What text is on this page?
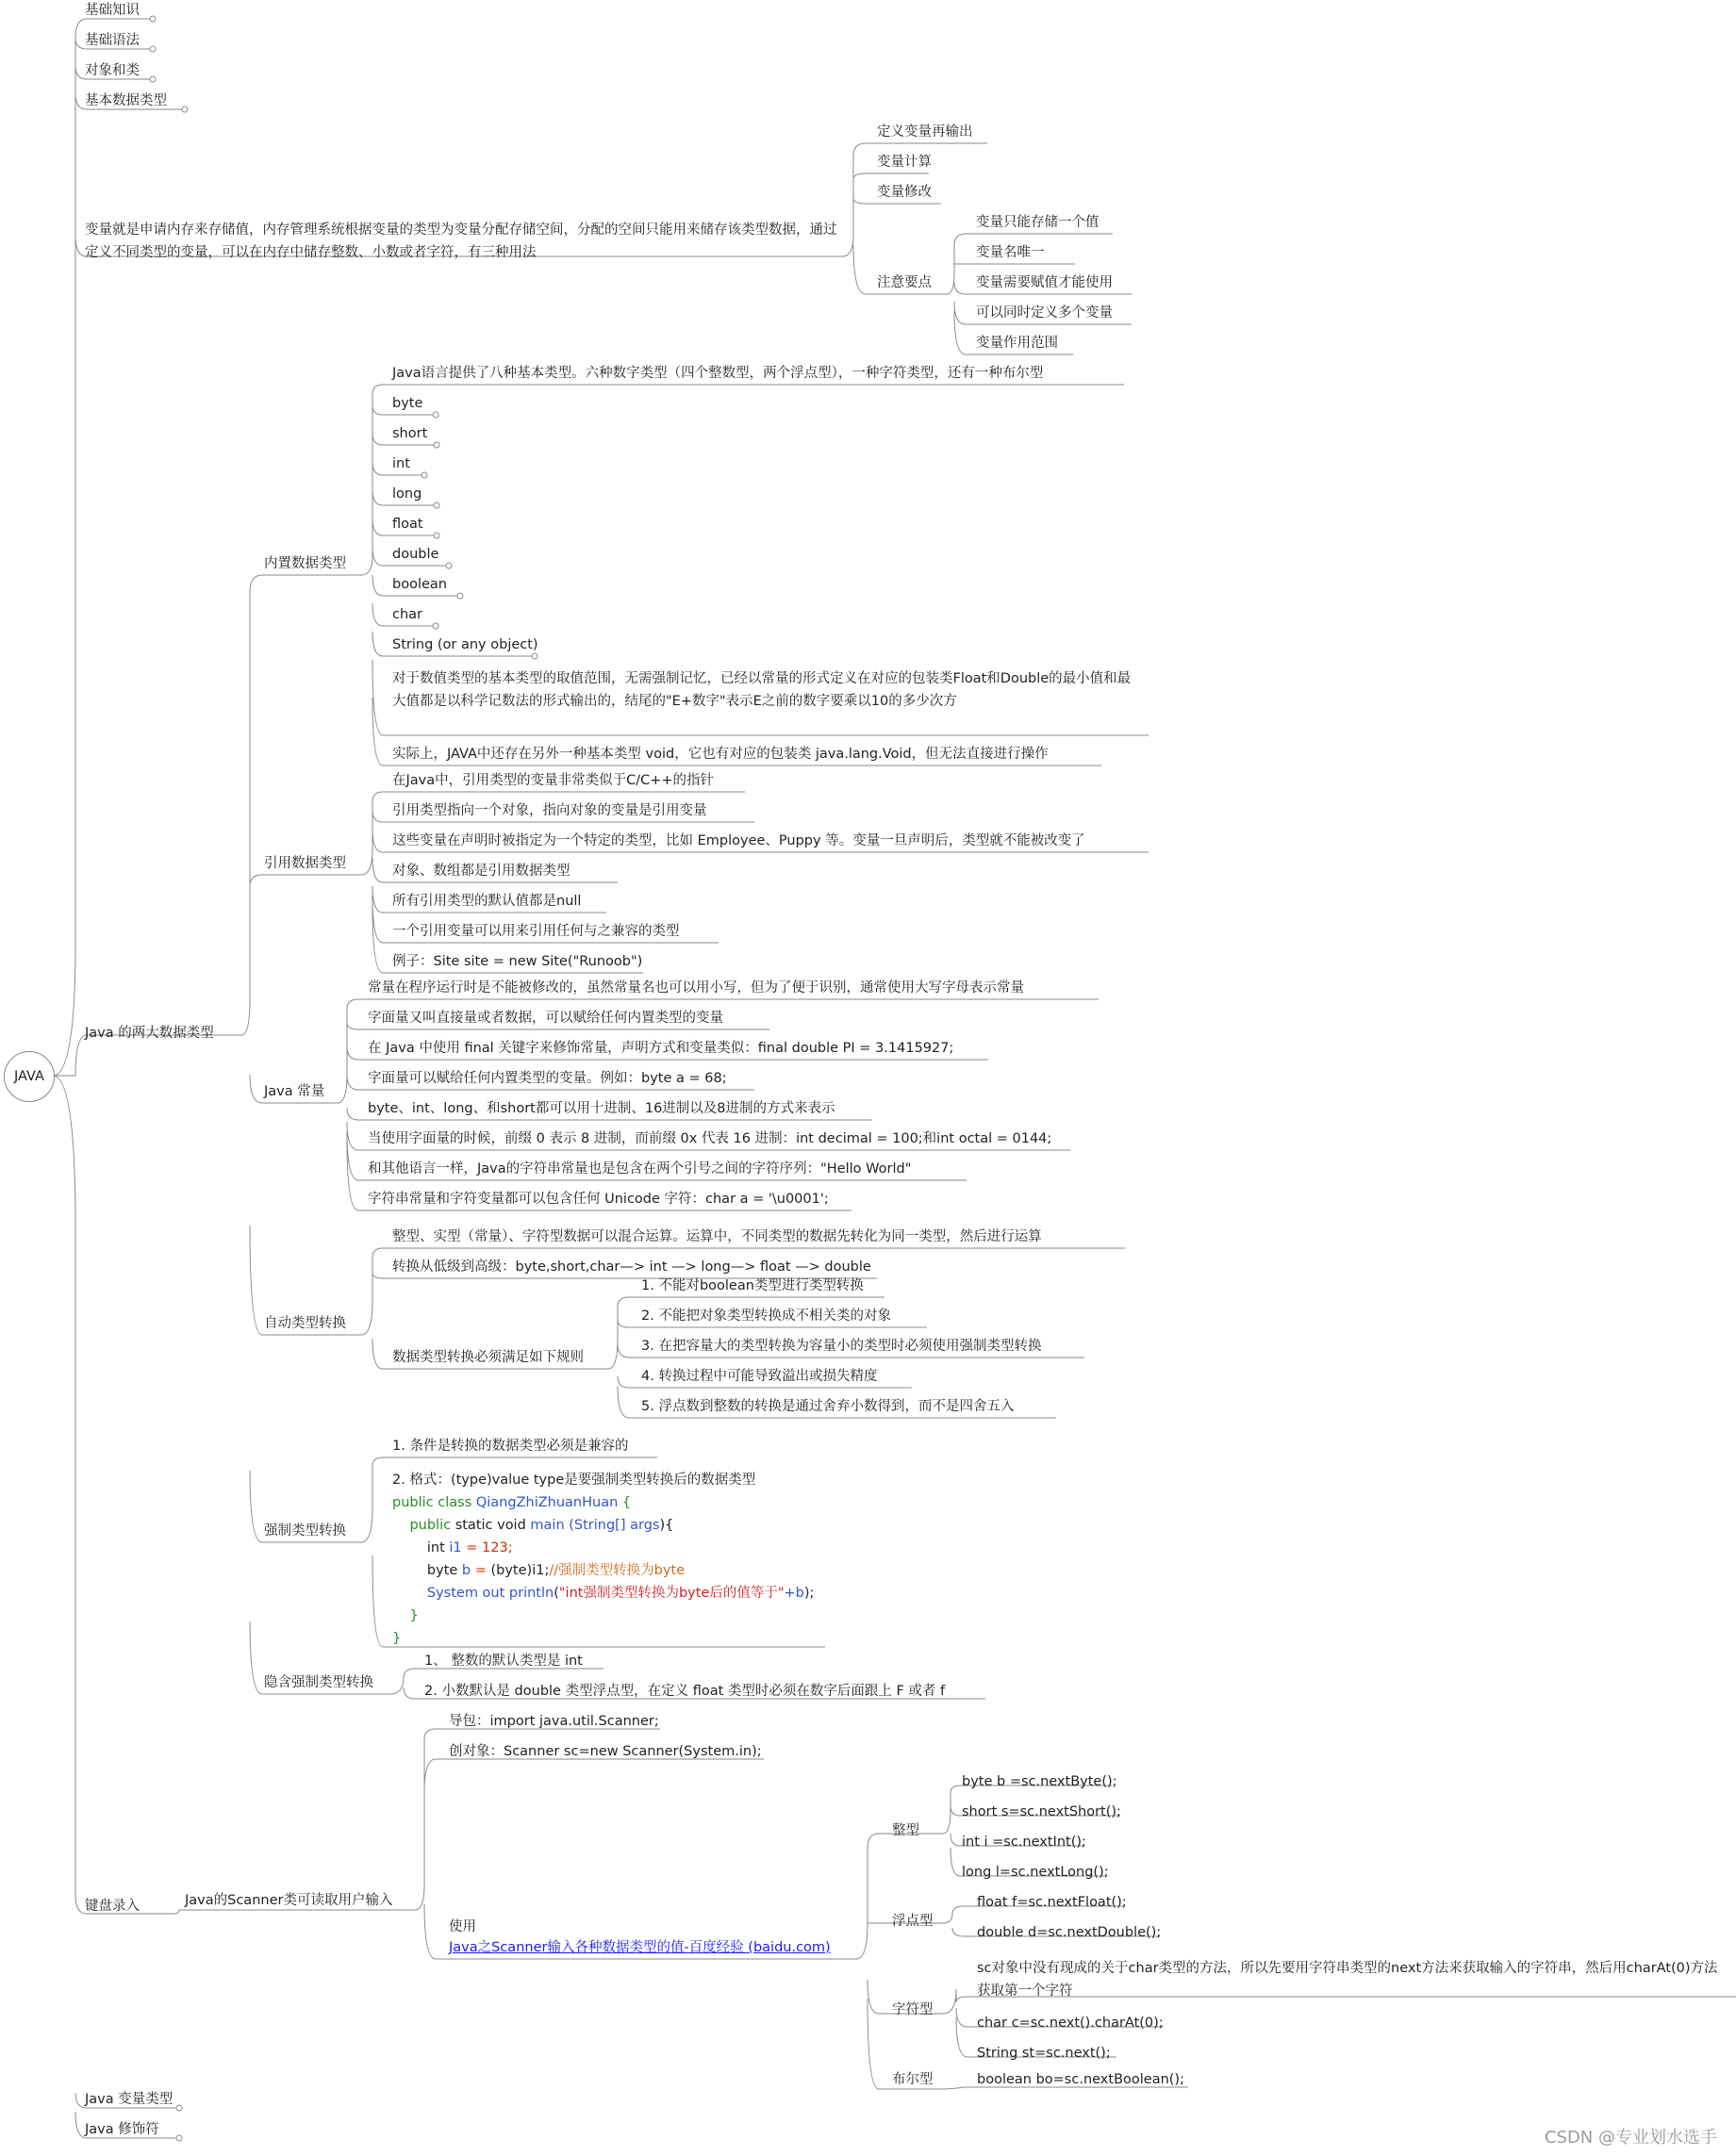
JAVA
基础知识
基础语法
对象和类
基本数据类型
变量就是申请内存来存储值，内存管理系统根据变量的类型为变量分配存储空间，分配的空间只能用来储存该类型数据，通过定义不同类型的变量，可以在内存中储存整数、小数或者字符，有三种用法
Java 的两大数据类型
键盘录入
Java 变量类型
Java 修饰符
定义变量再输出
变量计算
变量修改
注意要点
变量只能存储一个值
变量名唯一
变量需要赋值才能使用
可以同时定义多个变量
变量作用范围
内置数据类型
引用数据类型
Java 常量
自动类型转换
强制类型转换
隐含强制类型转换
Java语言提供了八种基本类型。六种数字类型（四个整数型，两个浮点型），一种字符类型，还有一种布尔型
byte
short
int
long
float
double
boolean
char
String (or any object)
对于数值类型的基本类型的取值范围，无需强制记忆，已经以常量的形式定义在对应的包装类Float和Double的最小值和最大值都是以科学记数法的形式输出的，结尾的"E+数字"表示E之前的数字要乘以10的多少次方
实际上，JAVA中还存在另外一种基本类型 void，它也有对应的包装类 java.lang.Void，但无法直接进行操作
在Java中，引用类型的变量非常类似于C/C++的指针
引用类型指向一个对象，指向对象的变量是引用变量
这些变量在声明时被指定为一个特定的类型，比如 Employee、Puppy 等。变量一旦声明后，类型就不能被改变了
对象、数组都是引用数据类型
所有引用类型的默认值都是null
一个引用变量可以用来引用任何与之兼容的类型
例子：Site site = new Site("Runoob")
常量在程序运行时是不能被修改的，虽然常量名也可以用小写，但为了便于识别，通常使用大写字母表示常量
字面量又叫直接量或者数据，可以赋给任何内置类型的变量
在 Java 中使用 final 关键字来修饰常量，声明方式和变量类似：final double PI = 3.1415927;
字面量可以赋给任何内置类型的变量。例如：byte a = 68;
byte、int、long、和short都可以用十进制、16进制以及8进制的方式来表示
当使用字面量的时候，前缀 0 表示 8 进制，而前缀 0x 代表 16 进制：int decimal = 100;和int octal = 0144;
和其他语言一样，Java的字符串常量也是包含在两个引号之间的字符序列："Hello World"
字符串常量和字符变量都可以包含任何 Unicode 字符：char a = '\u0001';
整型、实型（常量）、字符型数据可以混合运算。运算中，不同类型的数据先转化为同一类型，然后进行运算
转换从低级到高级：byte,short,char—> int —> long—> float —> double
数据类型转换必须满足如下规则
1. 不能对boolean类型进行类型转换
2. 不能把对象类型转换成不相关类的对象
3. 在把容量大的类型转换为容量小的类型时必须使用强制类型转换
4. 转换过程中可能导致溢出或损失精度
5. 浮点数到整数的转换是通过舍弃小数得到，而不是四舍五入
1. 条件是转换的数据类型必须是兼容的
2. 格式：(type)value type是要强制类型转换后的数据类型
public class QiangZhiZhuanHuan {
public static void main (String[] args){
int i1 = 123;
byte b = (byte)i1;//强制类型转换为byte
System out println("int强制类型转换为byte后的值等于"+b);
}
}
1、 整数的默认类型是 int
2. 小数默认是 double 类型浮点型，在定义 float 类型时必须在数字后面跟上 F 或者 f
Java的Scanner类可读取用户输入
导包：import java.util.Scanner;
创对象：Scanner sc=new Scanner(System.in);
使用
Java之Scanner输入各种数据类型的值-百度经验 (baidu.com)
整型
浮点型
字符型
布尔型
byte b =sc.nextByte();
short s=sc.nextShort();
int i =sc.nextInt();
long l=sc.nextLong();
float f=sc.nextFloat();
double d=sc.nextDouble();
sc对象中没有现成的关于char类型的方法，所以先要用字符串类型的next方法来获取输入的字符串，然后用charAt(0)方法获取第一个字符
char c=sc.next().charAt(0);
String st=sc.next();
boolean bo=sc.nextBoolean();
CSDN @专业划水选手
